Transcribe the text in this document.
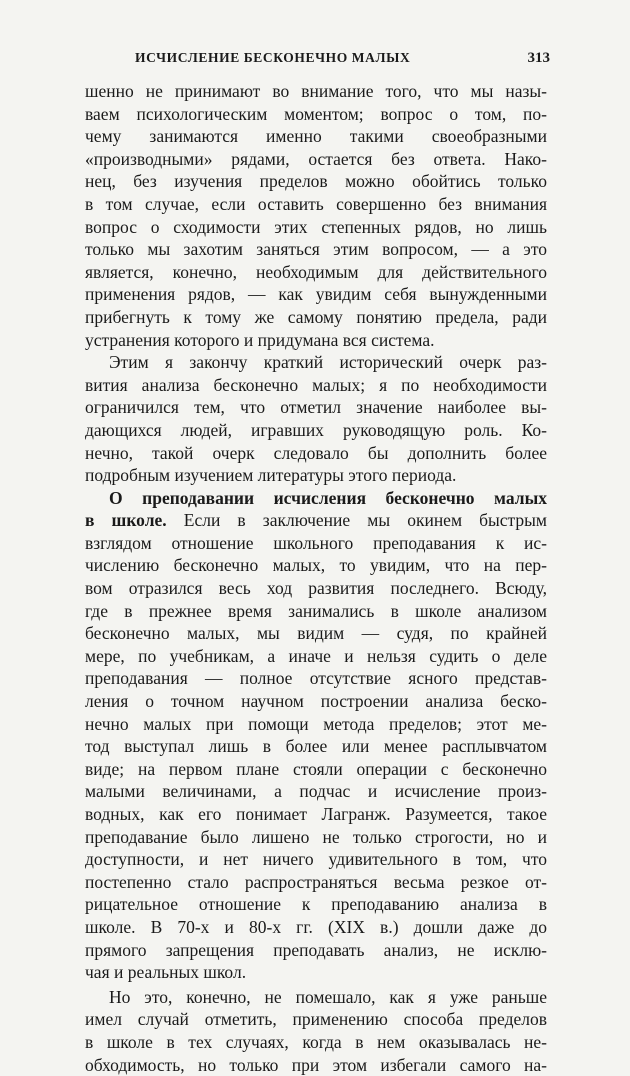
ИСЧИСЛЕНИЕ БЕСКОНЕЧНО МАЛЫХ	313
шенно не принимают во внимание того, что мы назы-
ваем психологическим моментом; вопрос о том, по-
чему занимаются именно такими своеобразными
«производными» рядами, остается без ответа. Нако-
нец, без изучения пределов можно обойтись только
в том случае, если оставить совершенно без внимания
вопрос о сходимости этих степенных рядов, но лишь
только мы захотим заняться этим вопросом, — а это
является, конечно, необходимым для действительного
применения рядов, — как увидим себя вынужденными
прибегнуть к тому же самому понятию предела, ради
устранения которого и придумана вся система.
Этим я закончу краткий исторический очерк раз-
вития анализа бесконечно малых; я по необходимости
ограничился тем, что отметил значение наиболее вы-
дающихся людей, игравших руководящую роль. Ко-
нечно, такой очерк следовало бы дополнить более
подробным изучением литературы этого периода.
О преподавании исчисления бесконечно малых
в школе. Если в заключение мы окинем быстрым
взглядом отношение школьного преподавания к ис-
числению бесконечно малых, то увидим, что на пер-
вом отразился весь ход развития последнего. Всюду,
где в прежнее время занимались в школе анализом
бесконечно малых, мы видим — судя, по крайней
мере, по учебникам, а иначе и нельзя судить о деле
преподавания — полное отсутствие ясного представ-
ления о точном научном построении анализа беско-
нечно малых при помощи метода пределов; этот ме-
тод выступал лишь в более или менее расплывчатом
виде; на первом плане стояли операции с бесконечно
малыми величинами, а подчас и исчисление произ-
водных, как его понимает Лагранж. Разумеется, такое
преподавание было лишено не только строгости, но и
доступности, и нет ничего удивительного в том, что
постепенно стало распространяться весьма резкое от-
рицательное отношение к преподаванию анализа в
школе. В 70-х и 80-х гг. (XIX в.) дошли даже до
прямого запрещения преподавать анализ, не исклю-
чая и реальных школ.
Но это, конечно, не помешало, как я уже раньше
имел случай отметить, применению способа пределов
в школе в тех случаях, когда в нем оказывалась не-
обходимость, но только при этом избегали самого на-
